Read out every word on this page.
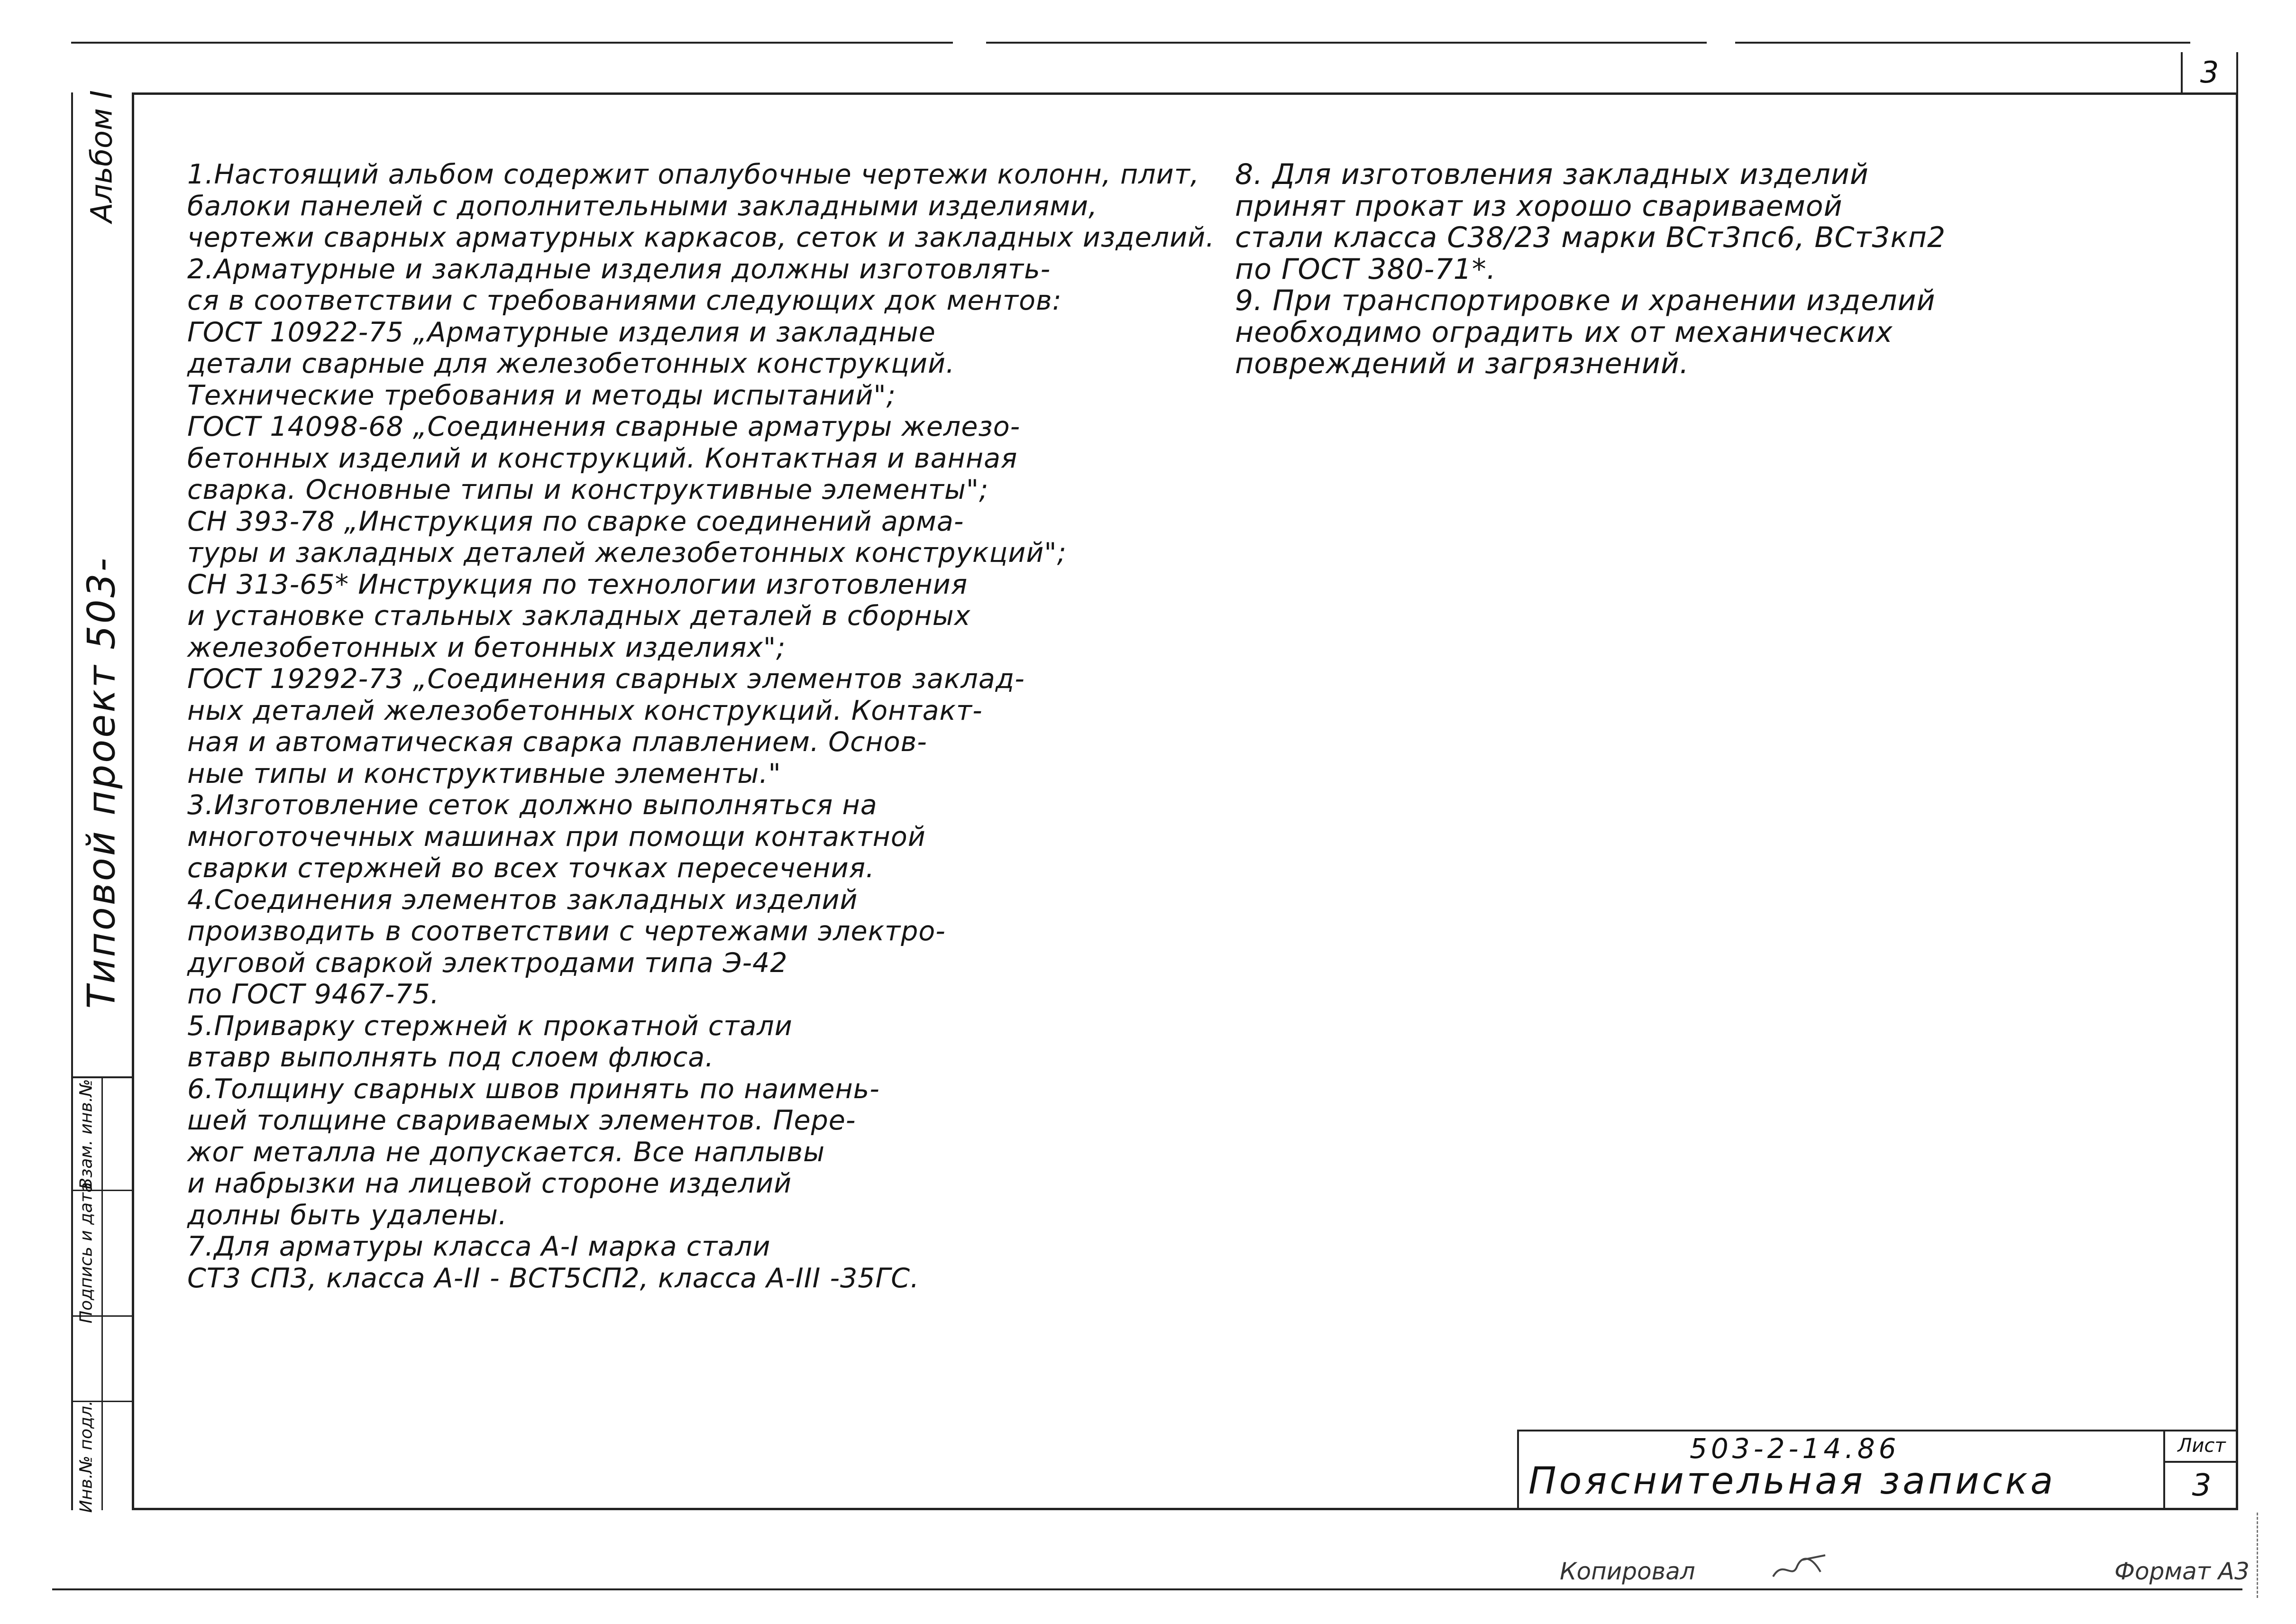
3
Альбом I
Типовой проект 503-
Взам. инв.№
Подпись и дата
Инв.№ подл.
1.Настоящий альбом содержит опалубочные чертежи колонн, плит,
балоки панелей с дополнительными закладными изделиями,
чертежи сварных арматурных каркасов, сеток и закладных изделий.
2.Арматурные и закладные изделия должны изготовлять-
ся в соответствии с требованиями следующих док ментов:
ГОСТ 10922-75 „Арматурные изделия и закладные
детали сварные для железобетонных конструкций.
Технические требования и методы испытаний";
ГОСТ 14098-68 „Соединения сварные арматуры железо-
бетонных изделий и конструкций. Контактная и ванная
сварка. Основные типы и конструктивные элементы";
СН 393-78 „Инструкция по сварке соединений арма-
туры и закладных деталей железобетонных конструкций";
СН 313-65* Инструкция по технологии изготовления
и установке стальных закладных деталей в сборных
железобетонных и бетонных изделиях";
ГОСТ 19292-73 „Соединения сварных элементов заклад-
ных деталей железобетонных конструкций. Контакт-
ная и автоматическая сварка плавлением. Основ-
ные типы и конструктивные элементы."
3.Изготовление сеток должно выполняться на
многоточечных машинах при помощи контактной
сварки стержней во всех точках пересечения.
4.Соединения элементов закладных изделий
производить в соответствии с чертежами электро-
дуговой сваркой электродами типа Э-42
по ГОСТ 9467-75.
5.Приварку стержней к прокатной стали
втавр выполнять под слоем флюса.
6.Толщину сварных швов принять по наимень-
шей толщине свариваемых элементов. Пере-
жог металла не допускается. Все наплывы
и набрызки на лицевой стороне изделий
долны быть удалены.
7.Для арматуры класса А-I марка стали
СТ3 СП3, класса А-II - ВСТ5СП2, класса А-III -35ГС.
8. Для изготовления закладных изделий
принят прокат из хорошо свариваемой
стали класса С38/23 марки ВСт3пс6, ВСт3кп2
по ГОСТ 380-71*.
9. При транспортировке и хранении изделий
необходимо оградить их от механических
повреждений и загрязнений.
503-2-14.86
Пояснительная записка
Лист
3
Копировал	Формат А3
